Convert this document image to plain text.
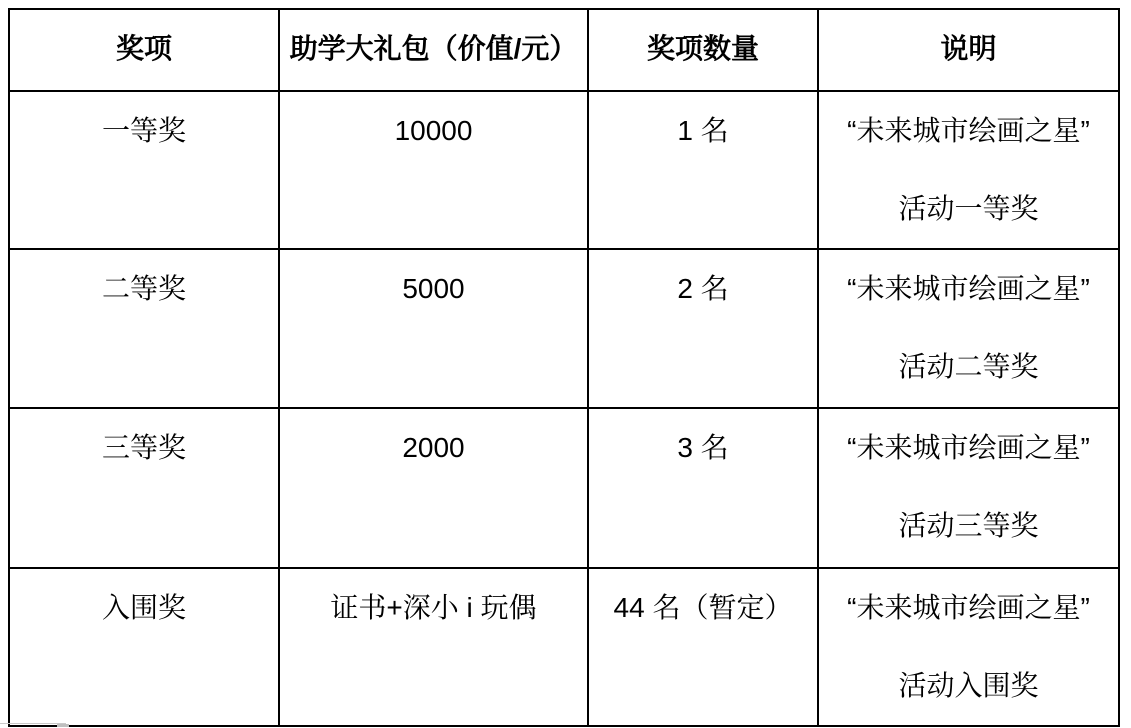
奖项	助学大礼包（价值/元）	奖项数量	说明
一等奖	10000	1 名	“未来城市绘画之星”
活动一等奖

二等奖	5000	2 名	“未来城市绘画之星”
活动二等奖

三等奖	2000	3 名	“未来城市绘画之星”
活动三等奖

入围奖	证书+深小 i 玩偶	44 名（暂定）	“未来城市绘画之星”
活动入围奖
